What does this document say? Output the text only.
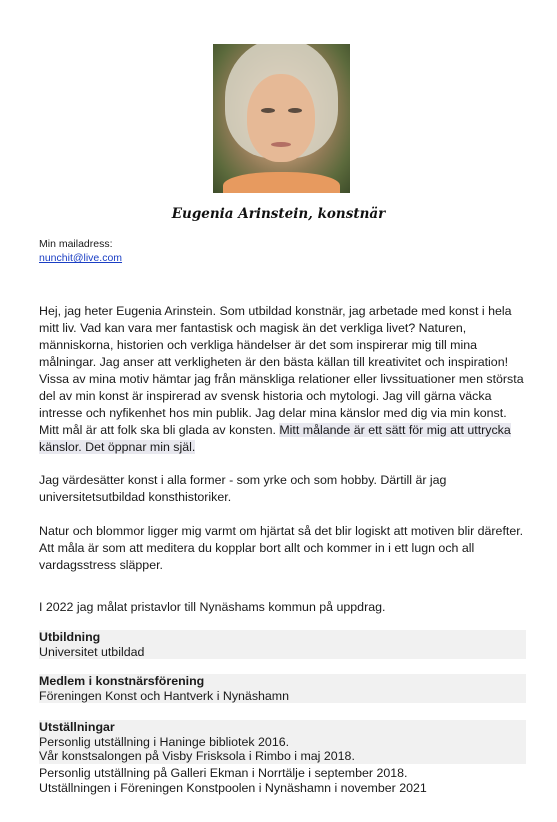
Eugenia Arinstein, konstnär
Min mailadress:
nunchit@live.com

Hej, jag heter Eugenia Arinstein. Som utbildad konstnär, jag arbetade med konst i hela mitt liv. Vad kan vara mer fantastisk och magisk än det verkliga livet? Naturen, människorna, historien och verkliga händelser är det som inspirerar mig till mina målningar. Jag anser att verkligheten är den bästa källan till kreativitet och inspiration! Vissa av mina motiv hämtar jag från mänskliga relationer eller livssituationer men största del av min konst är inspirerad av svensk historia och mytologi. Jag vill gärna väcka intresse och nyfikenhet hos min publik. Jag delar mina känslor med dig via min konst. Mitt mål är att folk ska bli glada av konsten. Mitt målande är ett sätt för mig att uttrycka känslor. Det öppnar min själ.

Jag värdesätter konst i alla former - som yrke och som hobby. Därtill är jag universitetsutbildad konsthistoriker.

Natur och blommor ligger mig varmt om hjärtat så det blir logiskt att motiven blir därefter. Att måla är som att meditera du kopplar bort allt och kommer in i ett lugn och all vardagsstress släpper.

I 2022 jag målat pristavlor till Nynäshams kommun på uppdrag.

Utbildning
Universitet utbildad
Medlem i konstnärsförening
Föreningen Konst och Hantverk i Nynäshamn
Utställningar
Personlig utställning i Haninge bibliotek 2016.
Vår konstsalongen på Visby Frisksola i Rimbo i maj 2018.
Personlig utställning på Galleri Ekman i Norrtälje i september 2018.
Utställningen i Föreningen Konstpoolen i Nynäshamn i november 2021
